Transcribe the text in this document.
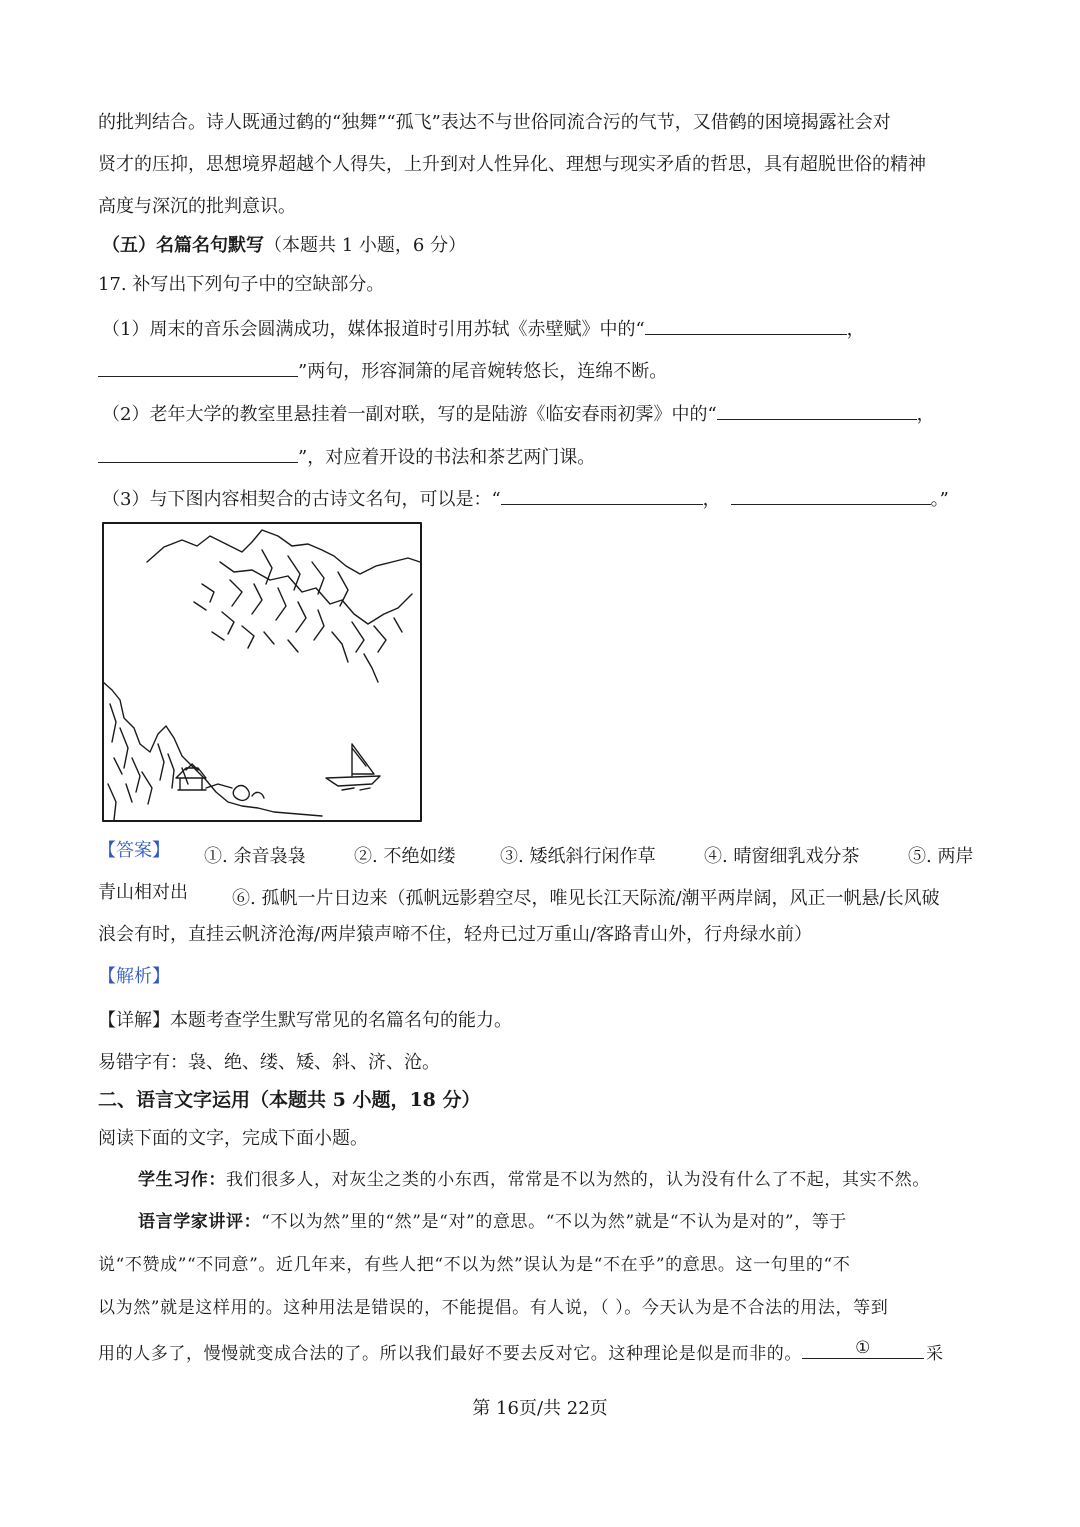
的批判结合。诗人既通过鹤的“独舞”“孤飞”表达不与世俗同流合污的气节，又借鹤的困境揭露社会对
贤才的压抑，思想境界超越个人得失，上升到对人性异化、理想与现实矛盾的哲思，具有超脱世俗的精神
高度与深沉的批判意识。
（五）名篇名句默写（本题共 1 小题，6 分）
17. 补写出下列句子中的空缺部分。
（1）周末的音乐会圆满成功，媒体报道时引用苏轼《赤壁赋》中的“	，
”两句，形容洞箫的尾音婉转悠长，连绵不断。
（2）老年大学的教室里悬挂着一副对联，写的是陆游《临安春雨初霁》中的“	，
”，对应着开设的书法和茶艺两门课。
（3）与下图内容相契合的古诗文名句，可以是：“	，	。”
【答案】	①. 余音袅袅	②. 不绝如缕 ③. 矮纸斜行闲作草	④. 晴窗细乳戏分茶	⑤. 两岸
青山相对出 ⑥. 孤帆一片日边来（孤帆远影碧空尽，唯见长江天际流/潮平两岸阔，风正一帆悬/长风破
浪会有时，直挂云帆济沧海/两岸猿声啼不住，轻舟已过万重山/客路青山外，行舟绿水前）
【解析】
【详解】本题考查学生默写常见的名篇名句的能力。
易错字有：袅、绝、缕、矮、斜、济、沧。
二、语言文字运用（本题共 5 小题，18 分）
阅读下面的文字，完成下面小题。
学生习作：我们很多人，对灰尘之类的小东西，常常是不以为然的，认为没有什么了不起，其实不然。
语言学家讲评：“不以为然”里的“然”是“对”的意思。“不以为然”就是“不认为是对的”，等于
说“不赞成”“不同意”。近几年来，有些人把“不以为然”误认为是“不在乎”的意思。这一句里的“不
以为然”就是这样用的。这种用法是错误的，不能提倡。有人说，（ ）。今天认为是不合法的用法，等到
用的人多了，慢慢就变成合法的了。所以我们最好不要去反对它。这种理论是似是而非的。	①	采
第 16页/共 22页
